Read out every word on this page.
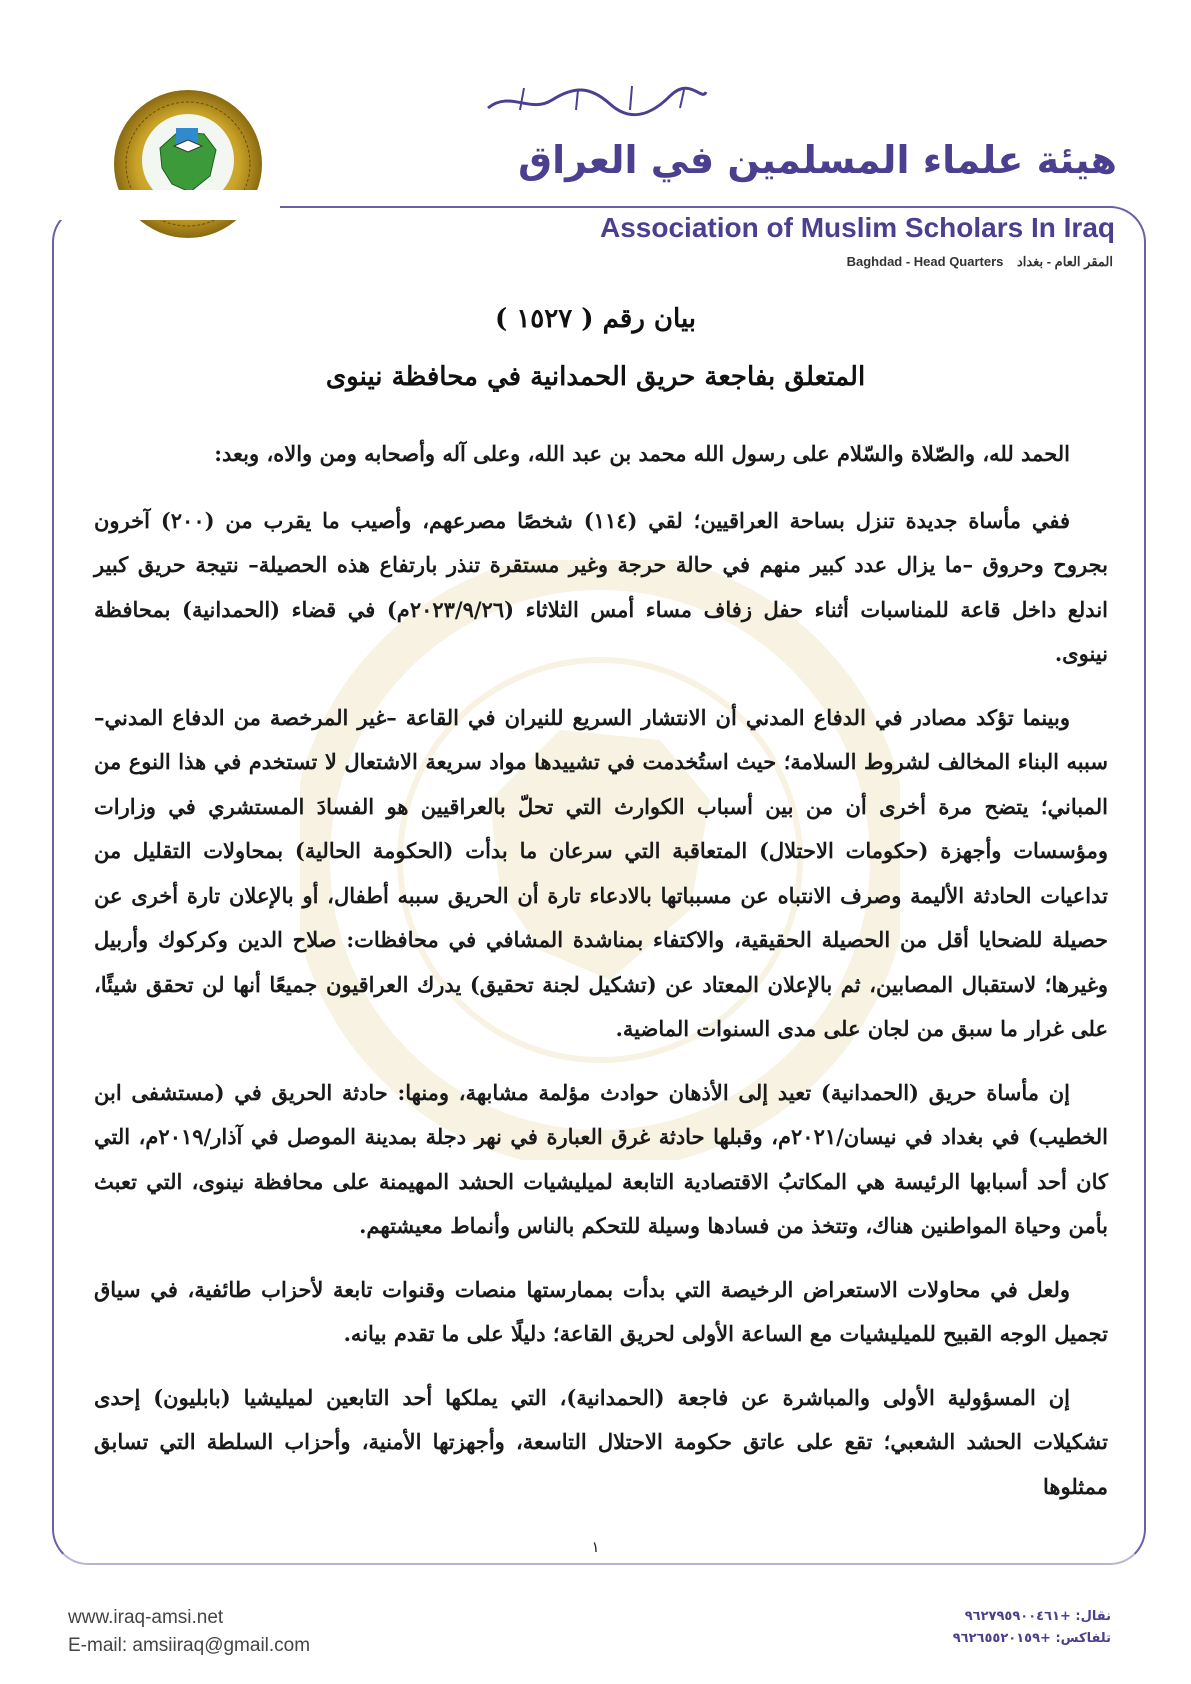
هيئة علماء المسلمين في العراق
Association of Muslim Scholars In Iraq
Baghdad - Head Quarters المقر العام - بغداد
بيان رقم ( ١٥٢٧ )
المتعلق بفاجعة حريق الحمدانية في محافظة نينوى

الحمد لله، والصّلاة والسّلام على رسول الله محمد بن عبد الله، وعلى آله وأصحابه ومن والاه، وبعد:

ففي مأساة جديدة تنزل بساحة العراقيين؛ لقي (١١٤) شخصًا مصرعهم، وأصيب ما يقرب من (٢٠٠) آخرون بجروح وحروق –ما يزال عدد كبير منهم في حالة حرجة وغير مستقرة تنذر بارتفاع هذه الحصيلة– نتيجة حريق كبير اندلع داخل قاعة للمناسبات أثناء حفل زفاف مساء أمس الثلاثاء (٢٠٢٣/٩/٢٦م) في قضاء (الحمدانية) بمحافظة نينوى.

وبينما تؤكد مصادر في الدفاع المدني أن الانتشار السريع للنيران في القاعة –غير المرخصة من الدفاع المدني– سببه البناء المخالف لشروط السلامة؛ حيث استُخدمت في تشييدها مواد سريعة الاشتعال لا تستخدم في هذا النوع من المباني؛ يتضح مرة أخرى أن من بين أسباب الكوارث التي تحلّ بالعراقيين هو الفسادَ المستشري في وزارات ومؤسسات وأجهزة (حكومات الاحتلال) المتعاقبة التي سرعان ما بدأت (الحكومة الحالية) بمحاولات التقليل من تداعيات الحادثة الأليمة وصرف الانتباه عن مسبباتها بالادعاء تارة أن الحريق سببه أطفال، أو بالإعلان تارة أخرى عن حصيلة للضحايا أقل من الحصيلة الحقيقية، والاكتفاء بمناشدة المشافي في محافظات: صلاح الدين وكركوك وأربيل وغيرها؛ لاستقبال المصابين، ثم بالإعلان المعتاد عن (تشكيل لجنة تحقيق) يدرك العراقيون جميعًا أنها لن تحقق شيئًا، على غرار ما سبق من لجان على مدى السنوات الماضية.

إن مأساة حريق (الحمدانية) تعيد إلى الأذهان حوادث مؤلمة مشابهة، ومنها: حادثة الحريق في (مستشفى ابن الخطيب) في بغداد في نيسان/٢٠٢١م، وقبلها حادثة غرق العبارة في نهر دجلة بمدينة الموصل في آذار/٢٠١٩م، التي كان أحد أسبابها الرئيسة هي المكاتبُ الاقتصادية التابعة لميليشيات الحشد المهيمنة على محافظة نينوى، التي تعبث بأمن وحياة المواطنين هناك، وتتخذ من فسادها وسيلة للتحكم بالناس وأنماط معيشتهم.

ولعل في محاولات الاستعراض الرخيصة التي بدأت بممارستها منصات وقنوات تابعة لأحزاب طائفية، في سياق تجميل الوجه القبيح للميليشيات مع الساعة الأولى لحريق القاعة؛ دليلًا على ما تقدم بيانه.

إن المسؤولية الأولى والمباشرة عن فاجعة (الحمدانية)، التي يملكها أحد التابعين لميليشيا (بابليون) إحدى تشكيلات الحشد الشعبي؛ تقع على عاتق حكومة الاحتلال التاسعة، وأجهزتها الأمنية، وأحزاب السلطة التي تسابق ممثلوها

١
www.iraq-amsi.net
E-mail: amsiiraq@gmail.com
نقال: +٩٦٢٧٩٥٩٠٠٤٦١
تلفاكس: +٩٦٢٦٥٥٢٠١٥٩
